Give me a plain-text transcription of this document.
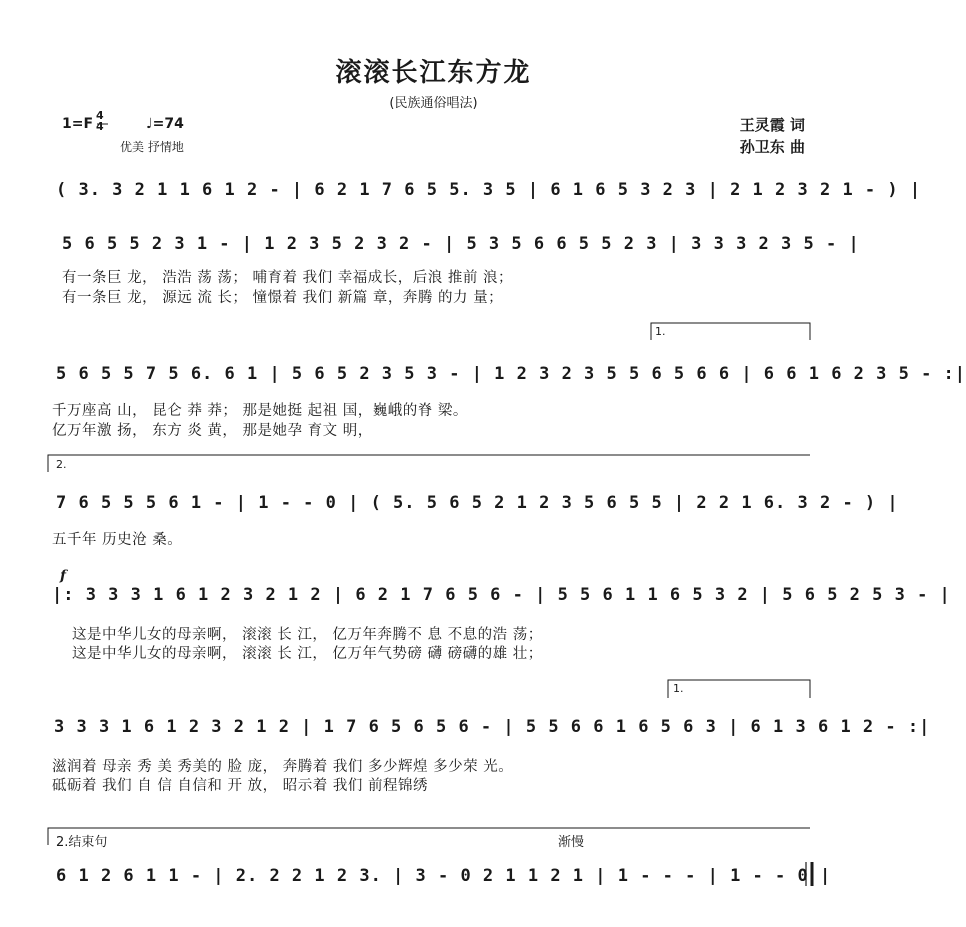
滚滚长江东方龙
(民族通俗唱法)
1=F
4
4	♩=74
优美 抒情地
王灵霞 词
孙卫东 曲
( 3. 3 2 1 1 6 1 2 - | 6 2 1 7 6 5 5. 3 5 | 6 1 6 5 3 2 3 | 2 1 2 3 2 1 - ) |
5 6 5 5 2 3 1 - | 1 2 3 5 2 3 2 - | 5 3 5 6 6 5 5 2 3 | 3 3 3 2 3 5 - |
有一条巨 龙， 浩浩 荡 荡； 哺育着 我们 幸福成长，后浪 推前 浪；
有一条巨 龙， 源远 流 长； 憧憬着 我们 新篇 章，奔腾 的力 量；
1.
5 6 5 5 7 5 6. 6 1 | 5 6 5 2 3 5 3 - | 1 2 3 2 3 5 5 6 5 6 6 | 6 6 1 6 2 3 5 - :|
千万座高 山， 昆仑 莽 莽； 那是她挺 起祖 国，巍峨的脊 梁。
亿万年激 扬， 东方 炎 黄， 那是她孕 育文 明，
2.
7 6 5 5 5 6 1 - | 1 - - 0 | ( 5. 5 6 5 2 1 2 3 5 6 5 5 | 2 2 1 6. 3 2 - ) |
五千年 历史沧 桑。
f
|: 3 3 3 1 6 1 2 3 2 1 2 | 6 2 1 7 6 5 6 - | 5 5 6 1 1 6 5 3 2 | 5 6 5 2 5 3 - |
这是中华儿女的母亲啊， 滚滚 长 江， 亿万年奔腾不 息 不息的浩 荡；
这是中华儿女的母亲啊， 滚滚 长 江， 亿万年气势磅 礴 磅礴的雄 壮；
1.
3 3 3 1 6 1 2 3 2 1 2 | 1 7 6 5 6 5 6 - | 5 5 6 6 1 6 5 6 3 | 6 1 3 6 1 2 - :|
滋润着 母亲 秀 美 秀美的 脸 庞， 奔腾着 我们 多少辉煌 多少荣 光。
砥砺着 我们 自 信 自信和 开 放， 昭示着 我们 前程锦绣
2.结束句	渐慢
6 1 2 6 1 1 - | 2. 2 2 1 2 3. | 3 - 0 2 1 1 2 1 | 1 - - - | 1 - - 0 |
